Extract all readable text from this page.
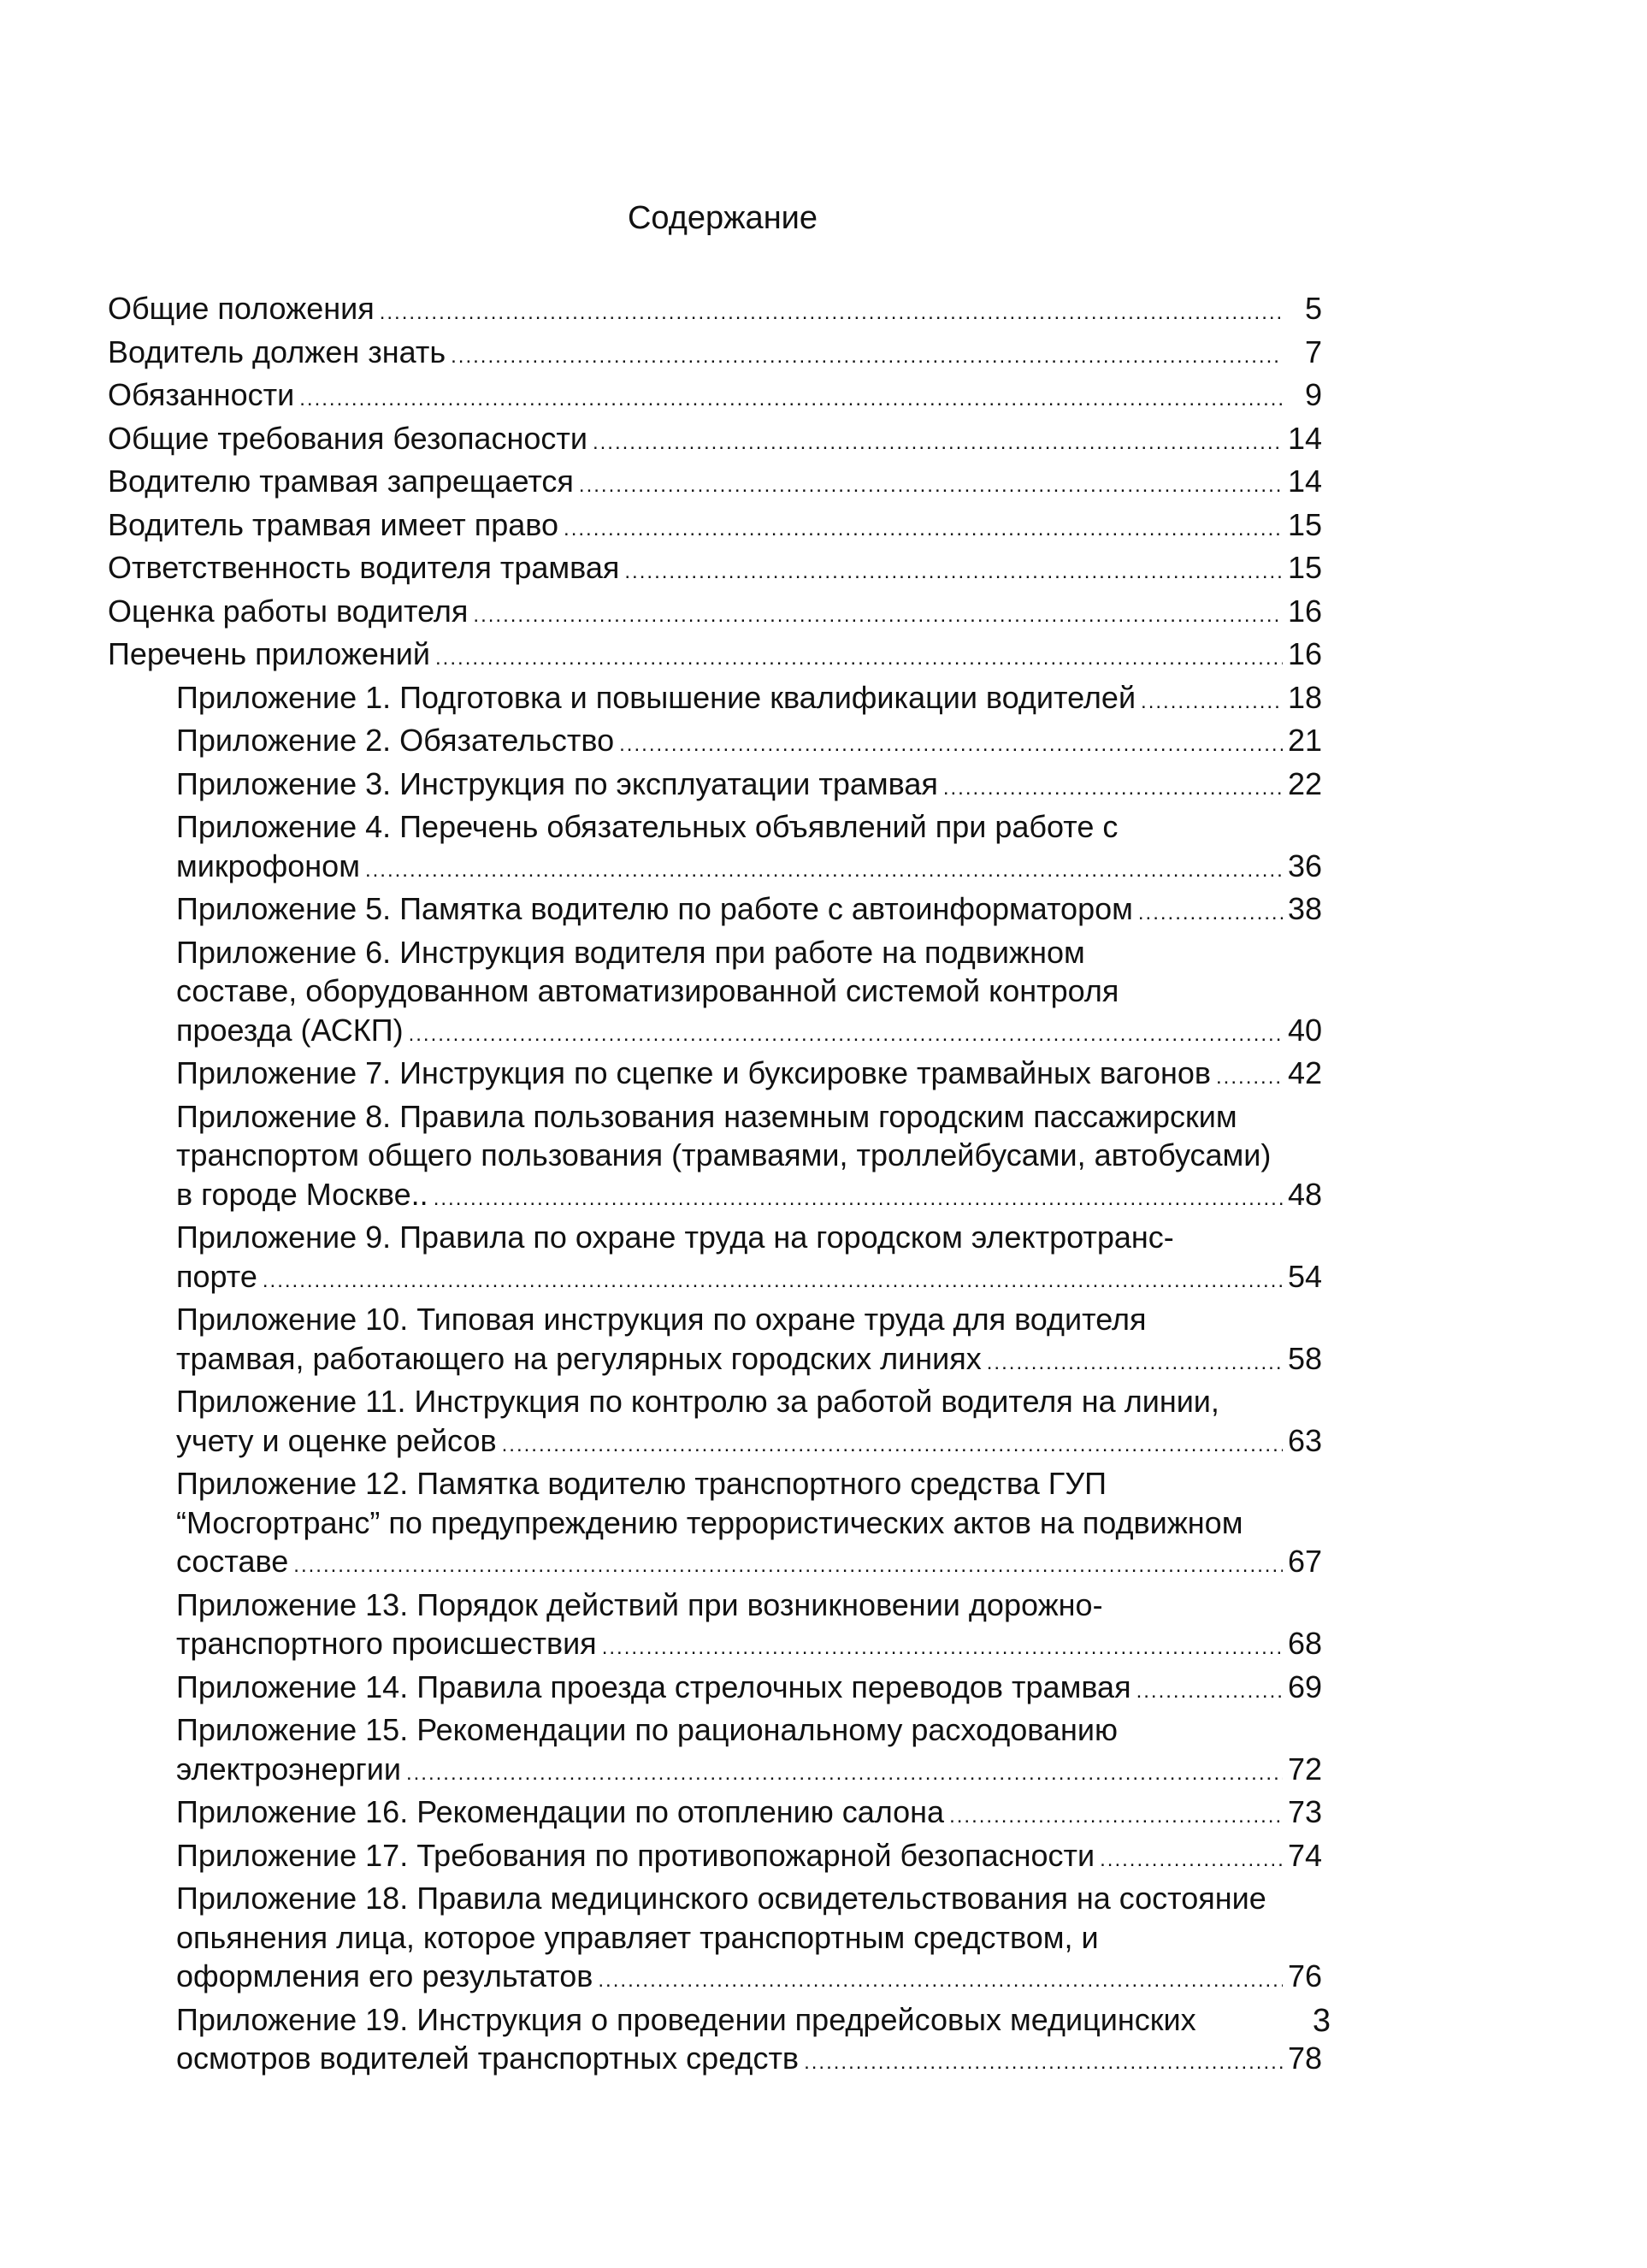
Содержание
Общие положения .....	5
Водитель должен знать .....	7
Обязанности .....	9
Общие требования безопасности .....	14
Водителю трамвая запрещается .....	14
Водитель трамвая имеет право .....	15
Ответственность водителя трамвая .....	15
Оценка работы водителя .....	16
Перечень приложений .....	16
Приложение 1. Подготовка и повышение квалификации водителей .....	18
Приложение 2. Обязательство .....	21
Приложение 3. Инструкция по эксплуатации трамвая .....	22
Приложение 4. Перечень обязательных объявлений при работе с
микрофоном .....	36
Приложение 5. Памятка водителю по работе с автоинформатором .....	38
Приложение 6. Инструкция водителя при работе на подвижном
составе, оборудованном автоматизированной системой контроля
проезда (АСКП) .....	40
Приложение 7. Инструкция по сцепке и буксировке трамвайных вагонов ..... 42
Приложение 8. Правила пользования наземным городским пассажирским
транспортом общего пользования (трамваями, троллейбусами, автобусами)
в городе Москве.. .....	48
Приложение 9. Правила по охране труда на городском электротранс-
порте .....	54
Приложение 10. Типовая инструкция по охране труда для водителя
трамвая, работающего на регулярных городских линиях .....	58
Приложение 11. Инструкция по контролю за работой водителя на линии,
учету и оценке рейсов .....	63
Приложение 12. Памятка водителю транспортного средства ГУП
“Мосгортранс” по предупреждению террористических актов на подвижном
составе .....	67
Приложение 13. Порядок действий при возникновении дорожно-
транспортного происшествия .....	68
Приложение 14. Правила проезда стрелочных переводов трамвая .....	69
Приложение 15. Рекомендации по рациональному расходованию
электроэнергии .....	72
Приложение 16. Рекомендации по отоплению салона .....	73
Приложение 17. Требования по противопожарной безопасности .....	74
Приложение 18. Правила медицинского освидетельствования на состояние
опьянения лица, которое управляет транспортным средством, и
оформления его результатов .....	76
Приложение 19. Инструкция о проведении предрейсовых медицинских
осмотров водителей транспортных средств .....	78
3
